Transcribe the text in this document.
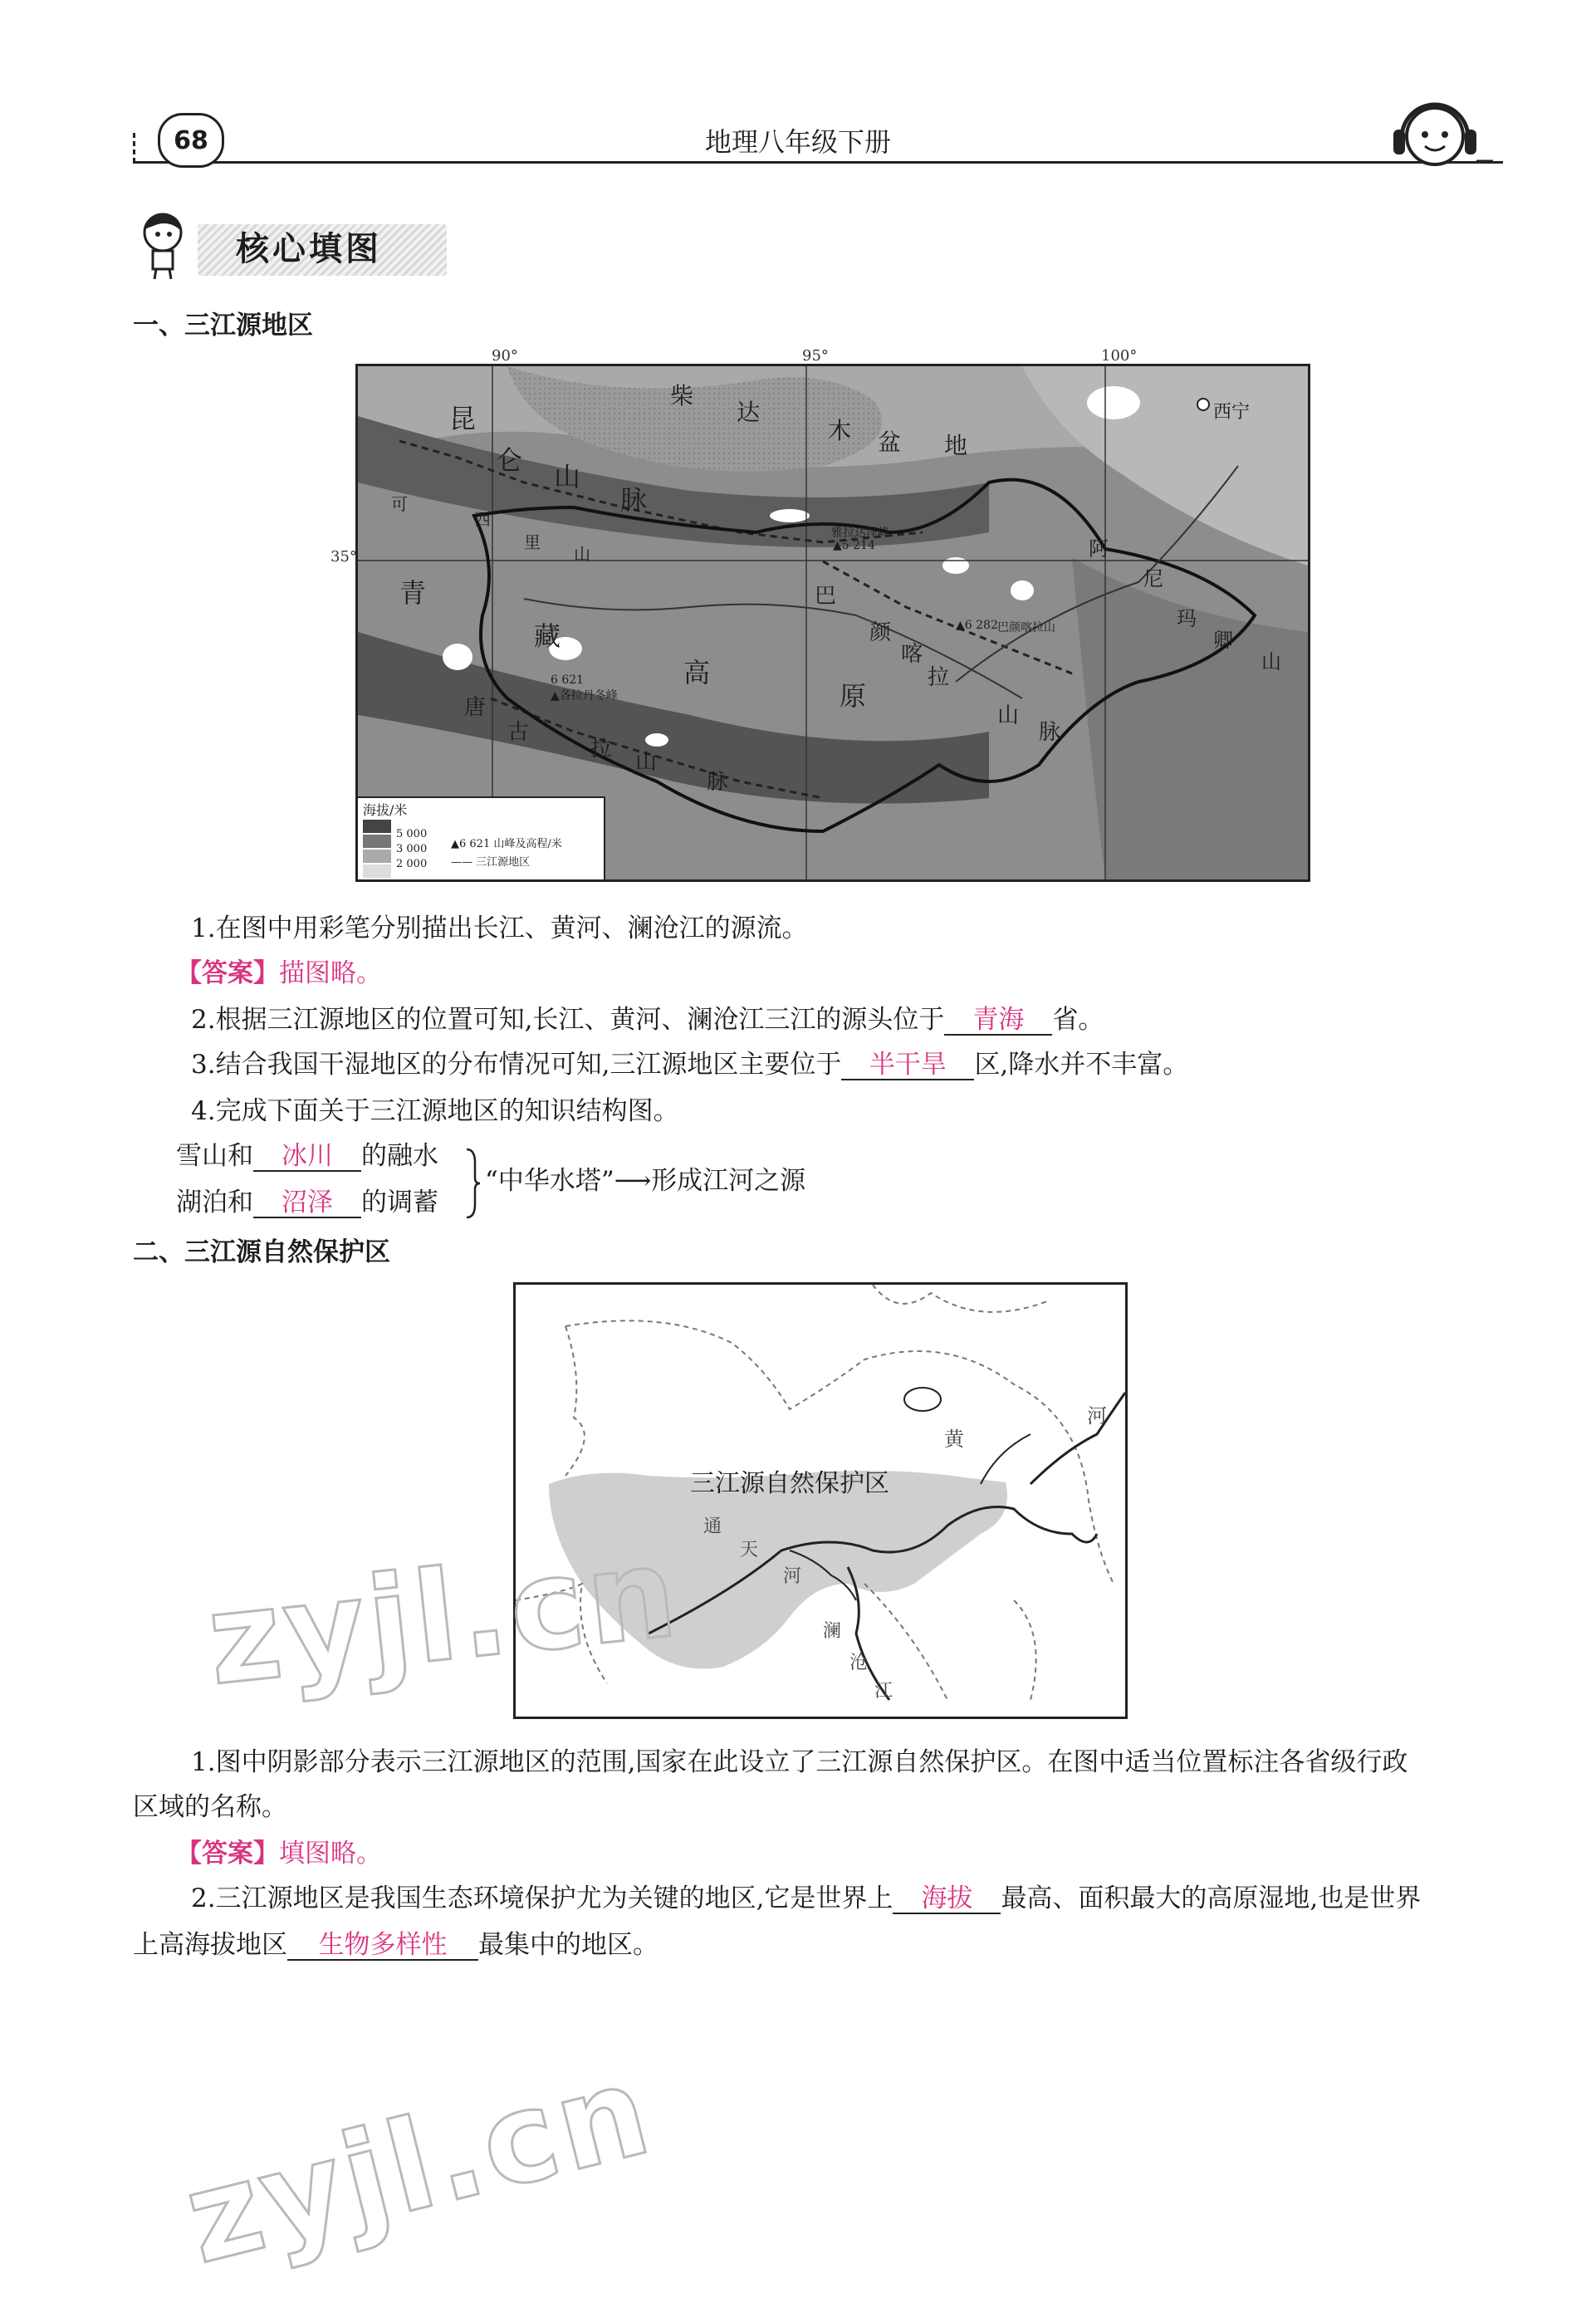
68	地理八年级下册
核心填图
一、三江源地区
90°	95°	100°
35°
柴
达
木 盆 地
西宁
昆
仑
山
脉
可
西
里
山
青
藏
高
原
巴
颜
喀
拉
山
脉
阿
尼
玛
卿
山
唐
古
拉
山
脉
雅拉达泽峰
▲5 214
▲6 282 巴颜喀拉山
6 621
▲各拉丹冬峰
海拔/米
5 000
3 000
2 000
▲6 621 山峰及高程/米
—— 三江源地区
1.在图中用彩笔分别描出长江、黄河、澜沧江的源流。
【答案】描图略。
2.根据三江源地区的位置可知,长江、黄河、澜沧江三江的源头位于 青海 省。
3.结合我国干湿地区的分布情况可知,三江源地区主要位于 半干旱 区,降水并不丰富。
4.完成下面关于三江源地区的知识结构图。
雪山和 冰川 的融水
湖泊和 沼泽 的调蓄
“中华水塔”⟶形成江河之源
二、三江源自然保护区
三江源自然保护区
黄
河
通
天
河
澜
沧
江
1.图中阴影部分表示三江源地区的范围,国家在此设立了三江源自然保护区。在图中适当位置标注各省级行政
区域的名称。
【答案】填图略。
2.三江源地区是我国生态环境保护尤为关键的地区,它是世界上 海拔 最高、面积最大的高原湿地,也是世界
上高海拔地区 生物多样性 最集中的地区。
zyjl.cn
zyjl.cn
